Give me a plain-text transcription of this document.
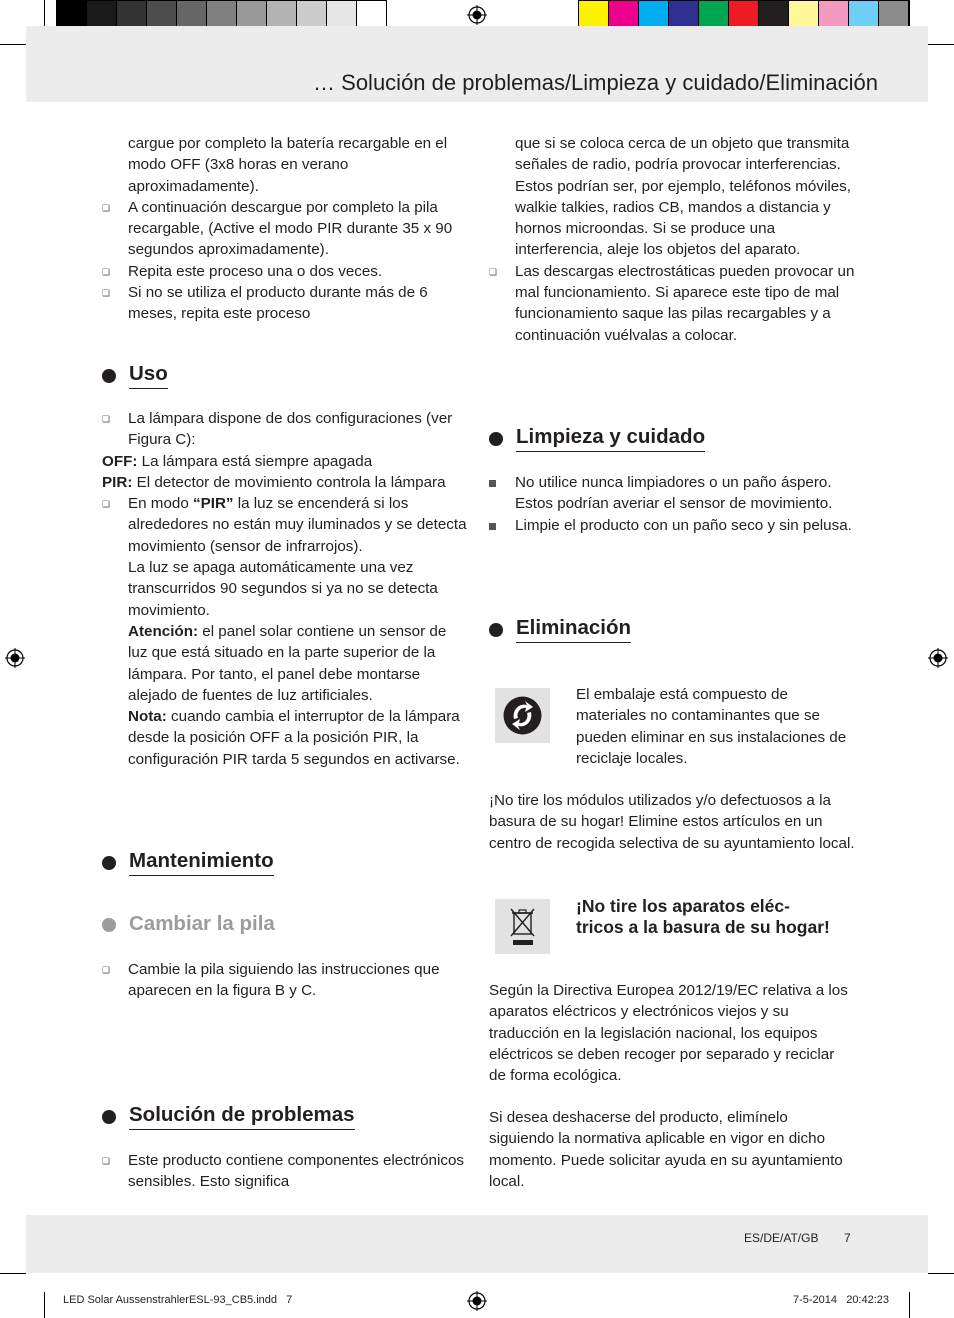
… Solución de problemas/Limpieza y cuidado/Eliminación
cargue por completo la batería recargable en el modo OFF (3x8 horas en verano aproximadamente).
❏ A continuación descargue por completo la pila recargable, (Active el modo PIR durante 35 x 90 segundos aproximadamente).
❏ Repita este proceso una o dos veces.
❏ Si no se utiliza el producto durante más de 6 meses, repita este proceso
Uso
❏ La lámpara dispone de dos configuraciones (ver Figura C):
OFF: La lámpara está siempre apagada
PIR: El detector de movimiento controla la lámpara
❏ En modo “PIR” la luz se encenderá si los alrededores no están muy iluminados y se detecta movimiento (sensor de infrarrojos).
La luz se apaga automáticamente una vez transcurridos 90 segundos si ya no se detecta movimiento.
Atención: el panel solar contiene un sensor de luz que está situado en la parte superior de la lámpara. Por tanto, el panel debe montarse alejado de fuentes de luz artificiales.
Nota: cuando cambia el interruptor de la lámpara desde la posición OFF a la posición PIR, la configuración PIR tarda 5 segundos en activarse.
Mantenimiento
Cambiar la pila
❏ Cambie la pila siguiendo las instrucciones que aparecen en la figura B y C.
Solución de problemas
❏ Este producto contiene componentes electrónicos sensibles. Esto significa
que si se coloca cerca de un objeto que transmita señales de radio, podría provocar interferencias. Estos podrían ser, por ejemplo, teléfonos móviles, walkie talkies, radios CB, mandos a distancia y hornos microondas. Si se produce una interferencia, aleje los objetos del aparato.
❏ Las descargas electrostáticas pueden provocar un mal funcionamiento. Si aparece este tipo de mal funcionamiento saque las pilas recargables y a continuación vuélvalas a colocar.
Limpieza y cuidado
No utilice nunca limpiadores o un paño áspero. Estos podrían averiar el sensor de movimiento.
Limpie el producto con un paño seco y sin pelusa.
Eliminación
El embalaje está compuesto de materiales no contaminantes que se pueden eliminar en sus instalaciones de reciclaje locales.
¡No tire los módulos utilizados y/o defectuosos a la basura de su hogar! Elimine estos artículos en un centro de recogida selectiva de su ayuntamiento local.
¡No tire los aparatos eléc-tricos a la basura de su hogar!
Según la Directiva Europea 2012/19/EC relativa a los aparatos eléctricos y electrónicos viejos y su traducción en la legislación nacional, los equipos eléctricos se deben recoger por separado y reciclar de forma ecológica.
Si desea deshacerse del producto, elimínelo siguiendo la normativa aplicable en vigor en dicho momento. Puede solicitar ayuda en su ayuntamiento local.
ES/DE/AT/GB 7
LED Solar AussenstrahlerESL-93_CB5.indd   7	7-5-2014   20:42:23
